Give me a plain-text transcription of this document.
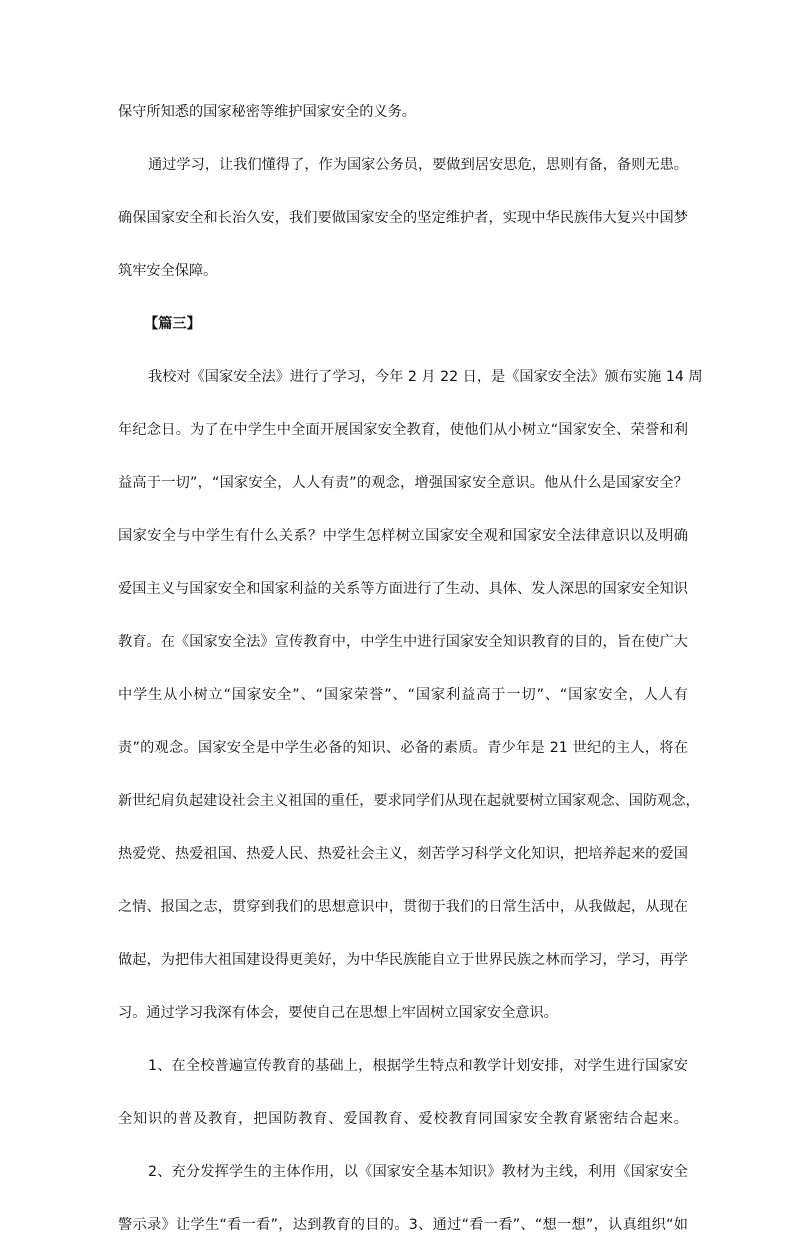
保守所知悉的国家秘密等维护国家安全的义务。

通过学习，让我们懂得了，作为国家公务员，要做到居安思危，思则有备，备则无患。

确保国家安全和长治久安，我们要做国家安全的坚定维护者，实现中华民族伟大复兴中国梦

筑牢安全保障。

【篇三】

我校对《国家安全法》进行了学习，今年 2 月 22 日，是《国家安全法》颁布实施 14 周

年纪念日。为了在中学生中全面开展国家安全教育，使他们从小树立“国家安全、荣誉和利

益高于一切”，“国家安全，人人有责”的观念，增强国家安全意识。他从什么是国家安全？

国家安全与中学生有什么关系？中学生怎样树立国家安全观和国家安全法律意识以及明确

爱国主义与国家安全和国家利益的关系等方面进行了生动、具体、发人深思的国家安全知识

教育。在《国家安全法》宣传教育中，中学生中进行国家安全知识教育的目的，旨在使广大

中学生从小树立“国家安全”、“国家荣誉”、“国家利益高于一切”、“国家安全，人人有

责”的观念。国家安全是中学生必备的知识、必备的素质。青少年是 21 世纪的主人，将在

新世纪肩负起建设社会主义祖国的重任，要求同学们从现在起就要树立国家观念、国防观念，

热爱党、热爱祖国、热爱人民、热爱社会主义，刻苦学习科学文化知识，把培养起来的爱国

之情、报国之志，贯穿到我们的思想意识中，贯彻于我们的日常生活中，从我做起，从现在

做起，为把伟大祖国建设得更美好，为中华民族能自立于世界民族之林而学习，学习，再学

习。通过学习我深有体会，要使自己在思想上牢固树立国家安全意识。

1、在全校普遍宣传教育的基础上，根据学生特点和教学计划安排，对学生进行国家安

全知识的普及教育，把国防教育、爱国教育、爱校教育同国家安全教育紧密结合起来。

2、充分发挥学生的主体作用，以《国家安全基本知识》教材为主线，利用《国家安全

警示录》让学生“看一看”，达到教育的目的。3、通过“看一看”、“想一想”，认真组织“如
